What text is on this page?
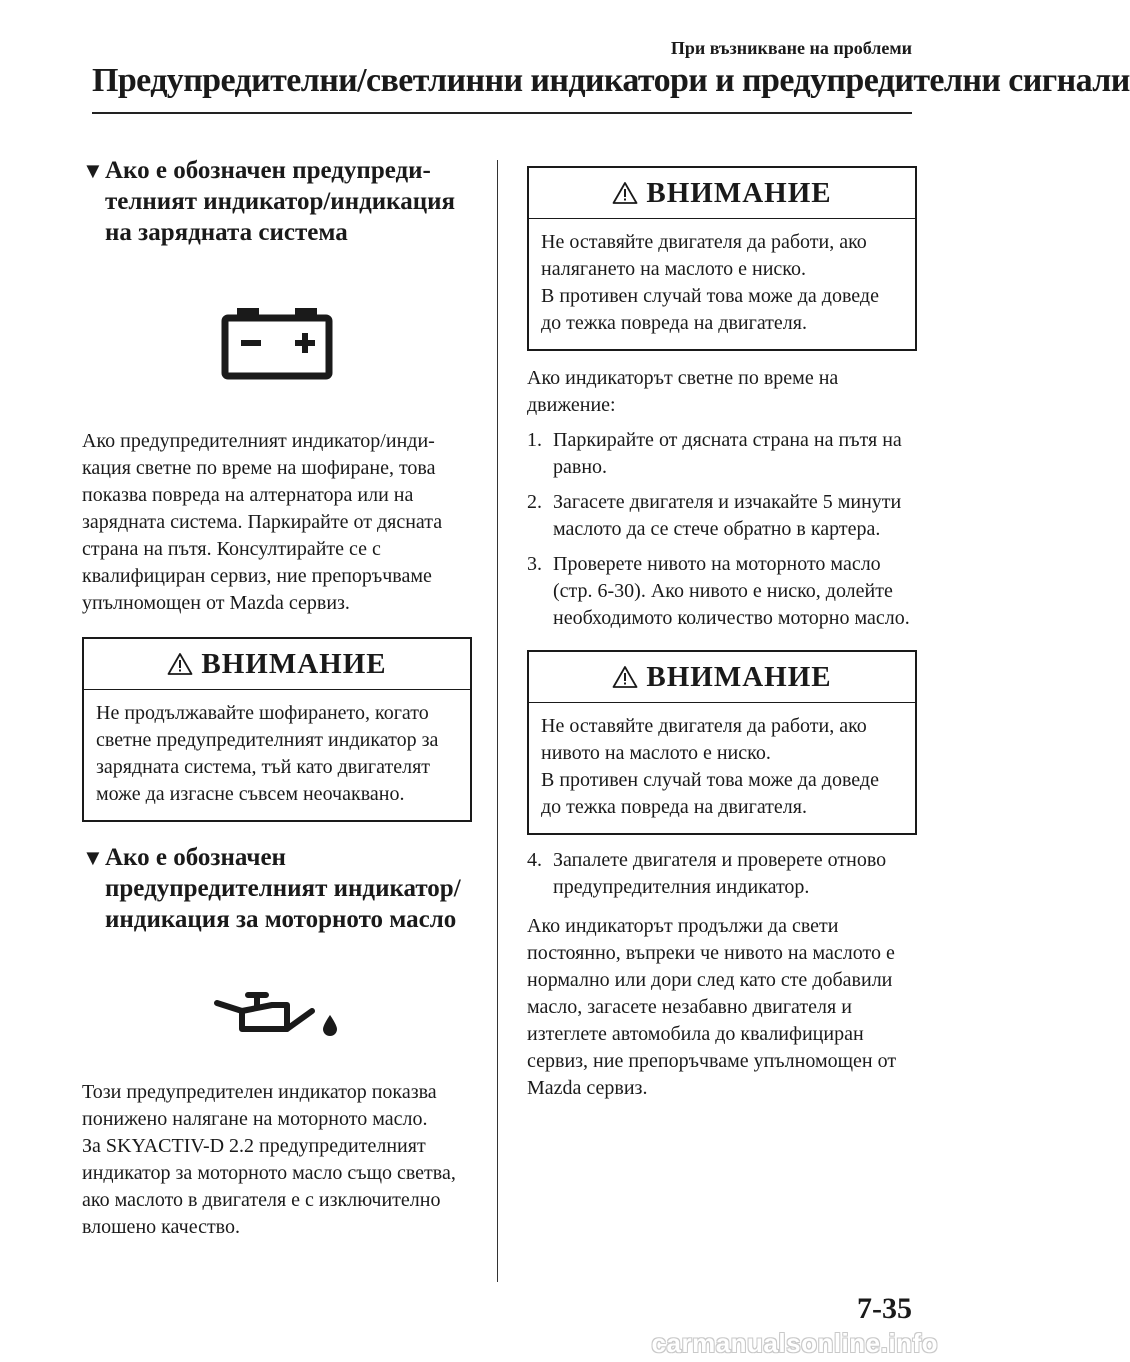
При възникване на проблеми
Предупредителни/светлинни индикатори и предупредителни сигнали
▼ Ако е обозначен предупредителният индикатор/индикация на зарядната система

Ако предупредителният индикатор/индикация светне по време на шофиране, това показва повреда на алтернатора или на зарядната система. Паркирайте от дясната страна на пътя. Консултирайте се с квалифициран сервиз, ние препоръчваме упълномощен от Mazda сервиз.

ВНИМАНИЕ
Не продължавайте шофирането, когато светне предупредителният индикатор за зарядната система, тъй като двигателят може да изгасне съвсем неочаквано.
▼ Ако е обозначен предупредителният индикатор/ индикация за моторното масло
Този предупредителен индикатор показва понижено налягане на моторното масло.
За SKYACTIV-D 2.2 предупредителният индикатор за моторното масло също светва, ако маслото в двигателя е с изключително влошено качество.
ВНИМАНИЕ
Не оставяйте двигателя да работи, ако налягането на маслото е ниско.
В противен случай това може да доведе до тежка повреда на двигателя.

Ако индикаторът светне по време на движение:

1. Паркирайте от дясната страна на пътя на равно.
2. Загасете двигателя и изчакайте 5 минути маслото да се стече обратно в картера.
3. Проверете нивото на моторното масло (стр. 6-30). Ако нивото е ниско, долейте необходимото количество моторно масло.
ВНИМАНИЕ
Не оставяйте двигателя да работи, ако нивото на маслото е ниско.
В противен случай това може да доведе до тежка повреда на двигателя.
4. Запалете двигателя и проверете отново предупредителния индикатор.

Ако индикаторът продължи да свети постоянно, въпреки че нивото на маслото е нормално или дори след като сте добавили масло, загасете незабавно двигателя и изтеглете автомобила до квалифициран сервиз, ние препоръчваме упълномощен от Mazda сервиз.

7-35
carmanualsonline.info
